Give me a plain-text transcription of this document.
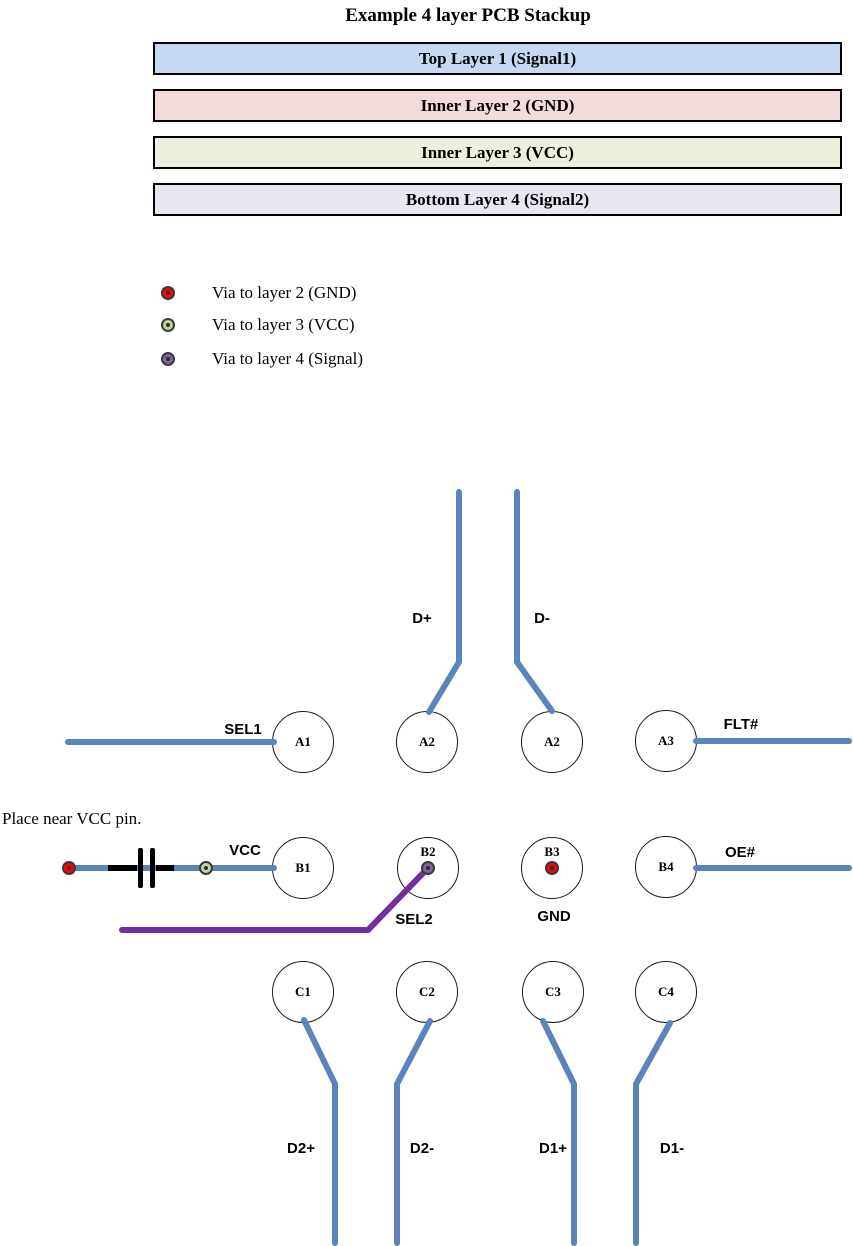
Example 4 layer PCB Stackup
Top Layer 1 (Signal1)
Inner Layer 2 (GND)
Inner Layer 3 (VCC)
Bottom Layer 4 (Signal2)
Via to layer 2 (GND)
Via to layer 3 (VCC)
Via to layer 4 (Signal)
Place near VCC pin.
A1	A2	A2	A3
B1
B2	B3
B4
C1	C2	C3	C4
SEL1
D+	D-
FLT#
VCC	OE#
SEL2	GND
D2+	D2-	D1+	D1-
